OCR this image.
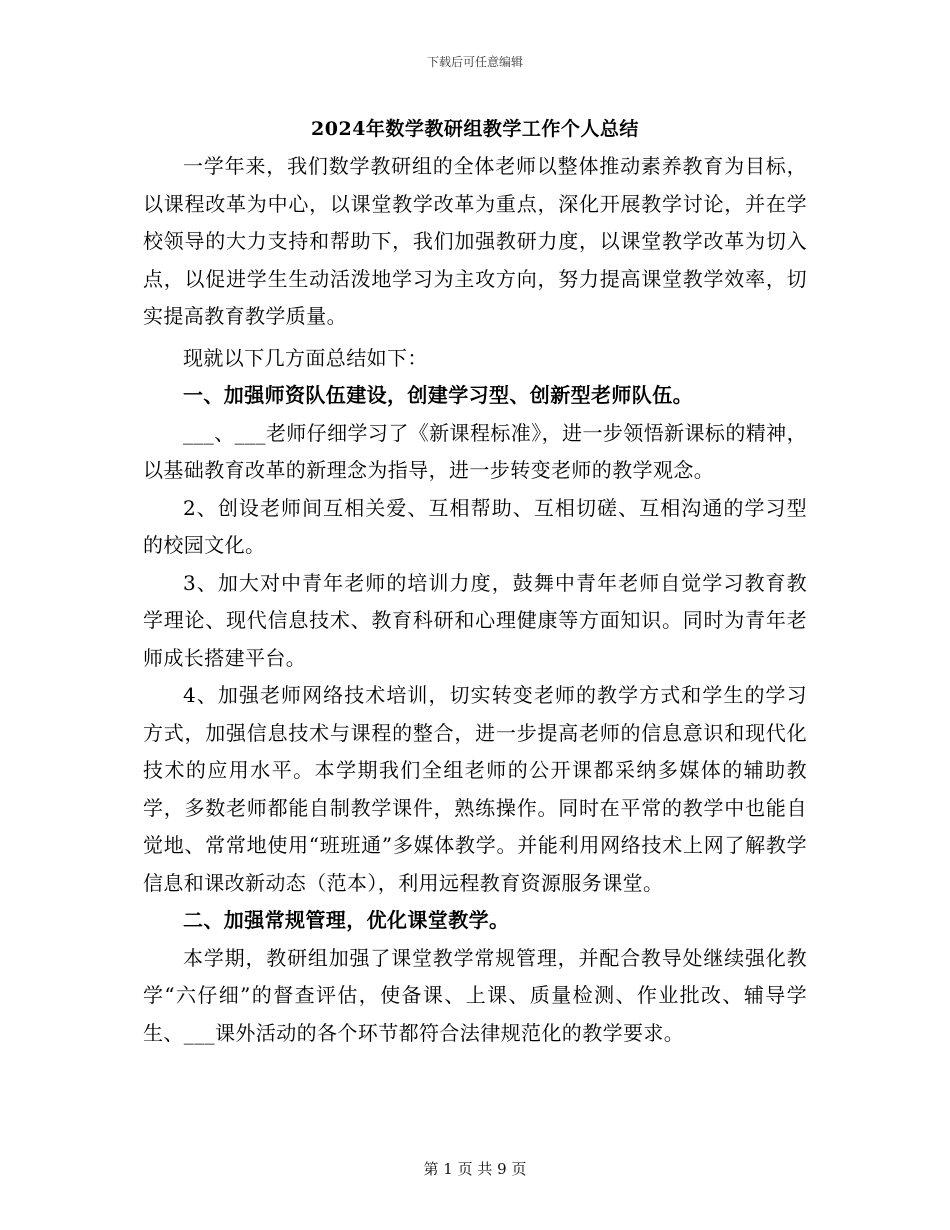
下载后可任意编辑
2024年数学教研组教学工作个人总结

一学年来，我们数学教研组的全体老师以整体推动素养教育为目标，以课程改革为中心，以课堂教学改革为重点，深化开展教学讨论，并在学校领导的大力支持和帮助下，我们加强教研力度，以课堂教学改革为切入点，以促进学生生动活泼地学习为主攻方向，努力提高课堂教学效率，切实提高教育教学质量。

现就以下几方面总结如下：

一、加强师资队伍建设，创建学习型、创新型老师队伍。

___、___老师仔细学习了《新课程标准》，进一步领悟新课标的精神，以基础教育改革的新理念为指导，进一步转变老师的教学观念。

2、创设老师间互相关爱、互相帮助、互相切磋、互相沟通的学习型的校园文化。

3、加大对中青年老师的培训力度，鼓舞中青年老师自觉学习教育教学理论、现代信息技术、教育科研和心理健康等方面知识。同时为青年老师成长搭建平台。

4、加强老师网络技术培训，切实转变老师的教学方式和学生的学习方式，加强信息技术与课程的整合，进一步提高老师的信息意识和现代化技术的应用水平。本学期我们全组老师的公开课都采纳多媒体的辅助教学，多数老师都能自制教学课件，熟练操作。同时在平常的教学中也能自觉地、常常地使用“班班通”多媒体教学。并能利用网络技术上网了解教学信息和课改新动态（范本），利用远程教育资源服务课堂。

二、加强常规管理，优化课堂教学。

本学期，教研组加强了课堂教学常规管理，并配合教导处继续强化教学“六仔细”的督查评估，使备课、上课、质量检测、作业批改、辅导学生、___课外活动的各个环节都符合法律规范化的教学要求。

第 1 页 共 9 页
